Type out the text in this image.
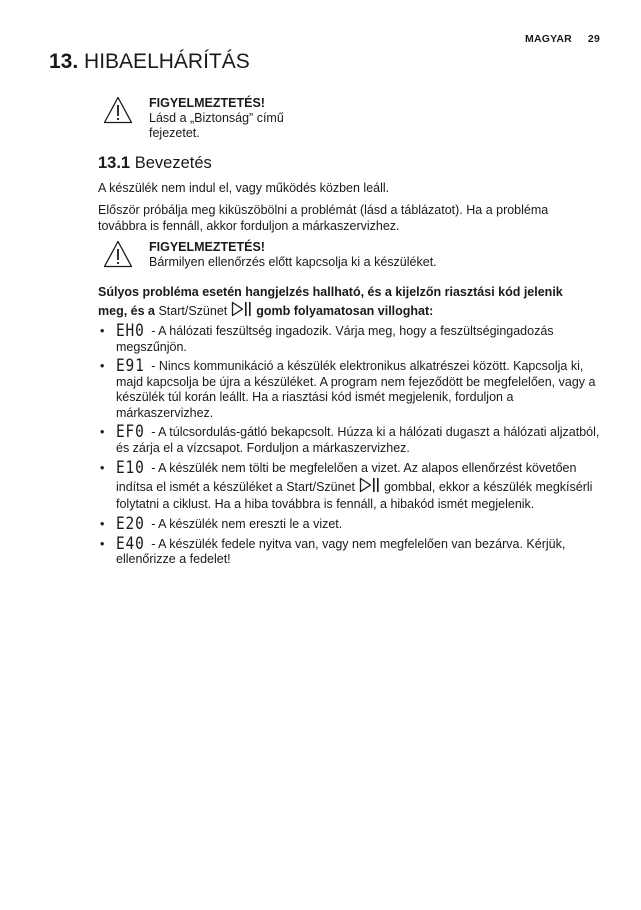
MAGYAR 29
13. HIBAELHÁRÍTÁS
FIGYELMEZTETÉS!
Lásd a „Biztonság” című
fejezetet.
13.1 Bevezetés

A készülék nem indul el, vagy működés közben leáll.

Először próbálja meg kiküszöbölni a problémát (lásd a táblázatot). Ha a probléma
továbbra is fennáll, akkor forduljon a márkaszervizhez.

FIGYELMEZTETÉS!
Bármilyen ellenőrzés előtt kapcsolja ki a készüléket.

Súlyos probléma esetén hangjelzés hallható, és a kijelzőn riasztási kód jelenik
meg, és a Start/Szünet gomb folyamatosan villoghat:

• EH0 - A hálózati feszültség ingadozik. Várja meg, hogy a feszültségingadozás megszűnjön.
• E91 - Nincs kommunikáció a készülék elektronikus alkatrészei között. Kapcsolja ki, majd kapcsolja be újra a készüléket. A program nem fejeződött be megfelelően, vagy a készülék túl korán leállt. Ha a riasztási kód ismét megjelenik, forduljon a márkaszervizhez.
• EF0 - A túlcsordulás-gátló bekapcsolt. Húzza ki a hálózati dugaszt a hálózati aljzatból, és zárja el a vízcsapot. Forduljon a márkaszervizhez.
• E10 - A készülék nem tölti be megfelelően a vizet. Az alapos ellenőrzést követően indítsa el ismét a készüléket a Start/Szünet gombbal, ekkor a készülék megkísérli folytatni a ciklust. Ha a hiba továbbra is fennáll, a hibakód ismét megjelenik.
• E20 - A készülék nem ereszti le a vizet.
• E40 - A készülék fedele nyitva van, vagy nem megfelelően van bezárva. Kérjük, ellenőrizze a fedelet!
